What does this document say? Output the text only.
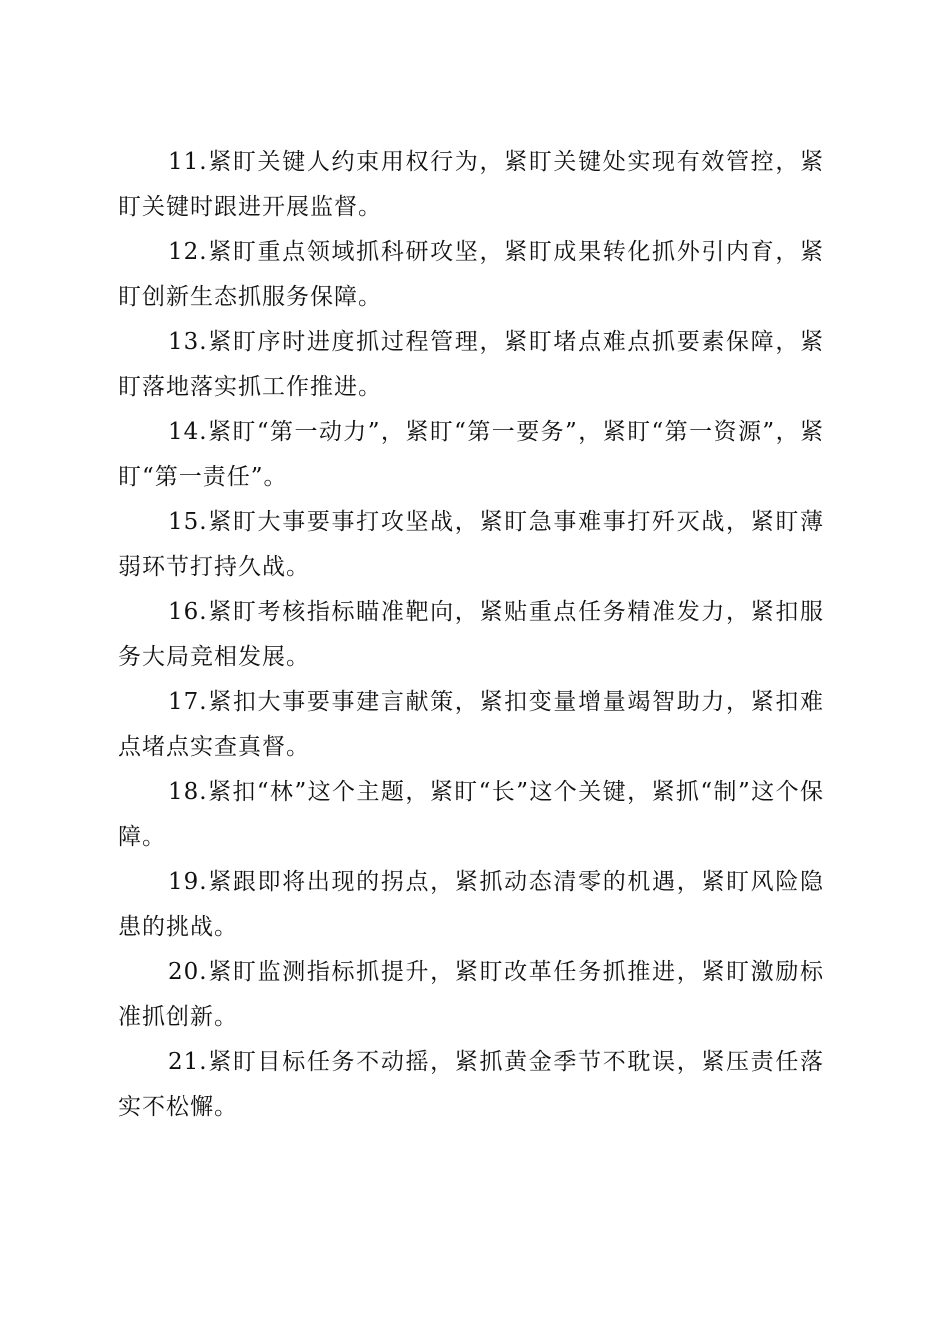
11.紧盯关键人约束用权行为，紧盯关键处实现有效管控，紧盯关键时跟进开展监督。

12.紧盯重点领域抓科研攻坚，紧盯成果转化抓外引内育，紧盯创新生态抓服务保障。

13.紧盯序时进度抓过程管理，紧盯堵点难点抓要素保障，紧盯落地落实抓工作推进。

14.紧盯“第一动力”，紧盯“第一要务”，紧盯“第一资源”，紧盯“第一责任”。

15.紧盯大事要事打攻坚战，紧盯急事难事打歼灭战，紧盯薄弱环节打持久战。

16.紧盯考核指标瞄准靶向，紧贴重点任务精准发力，紧扣服务大局竞相发展。

17.紧扣大事要事建言献策，紧扣变量增量竭智助力，紧扣难点堵点实查真督。

18.紧扣“林”这个主题，紧盯“长”这个关键，紧抓“制”这个保障。

19.紧跟即将出现的拐点，紧抓动态清零的机遇，紧盯风险隐患的挑战。

20.紧盯监测指标抓提升，紧盯改革任务抓推进，紧盯激励标准抓创新。

21.紧盯目标任务不动摇，紧抓黄金季节不耽误，紧压责任落实不松懈。
